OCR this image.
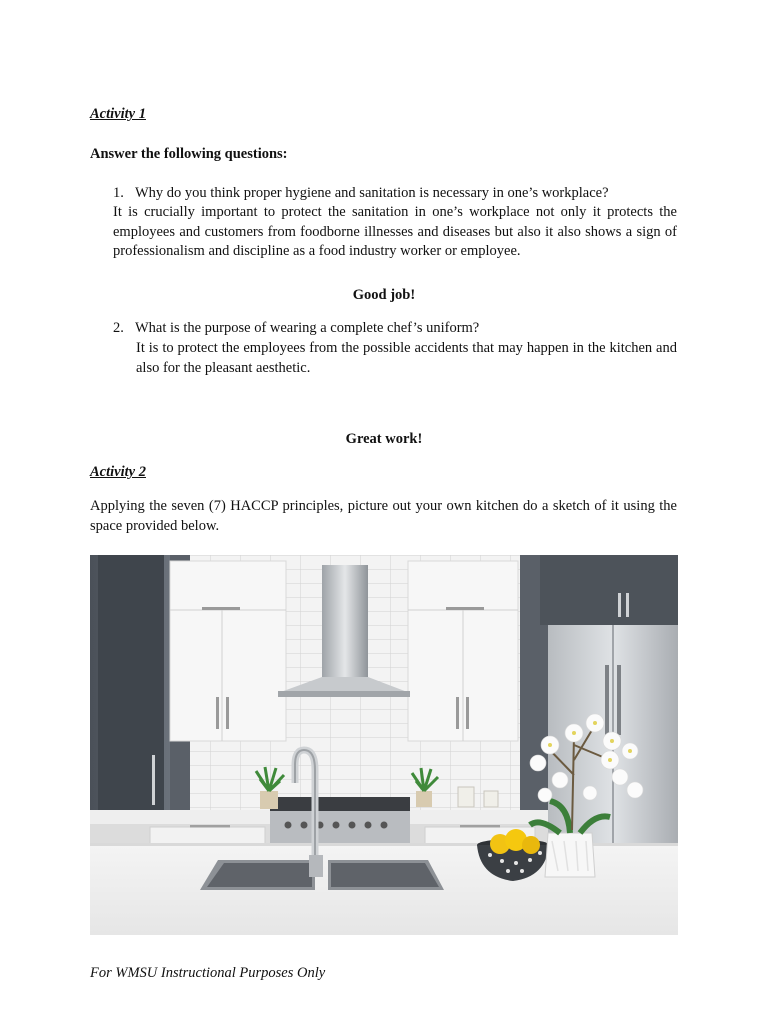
Activity 1
Answer the following questions:
1. Why do you think proper hygiene and sanitation is necessary in one’s workplace?
It is crucially important to protect the sanitation in one’s workplace not only it protects the employees and customers from foodborne illnesses and diseases but also it also shows a sign of professionalism and discipline as a food industry worker or employee.
Good job!
2. What is the purpose of wearing a complete chef’s uniform?
It is to protect the employees from the possible accidents that may happen in the kitchen and also for the pleasant aesthetic.
Great work!
Activity 2
Applying the seven (7) HACCP principles, picture out your own kitchen do a sketch of it using the space provided below.
For WMSU Instructional Purposes Only
